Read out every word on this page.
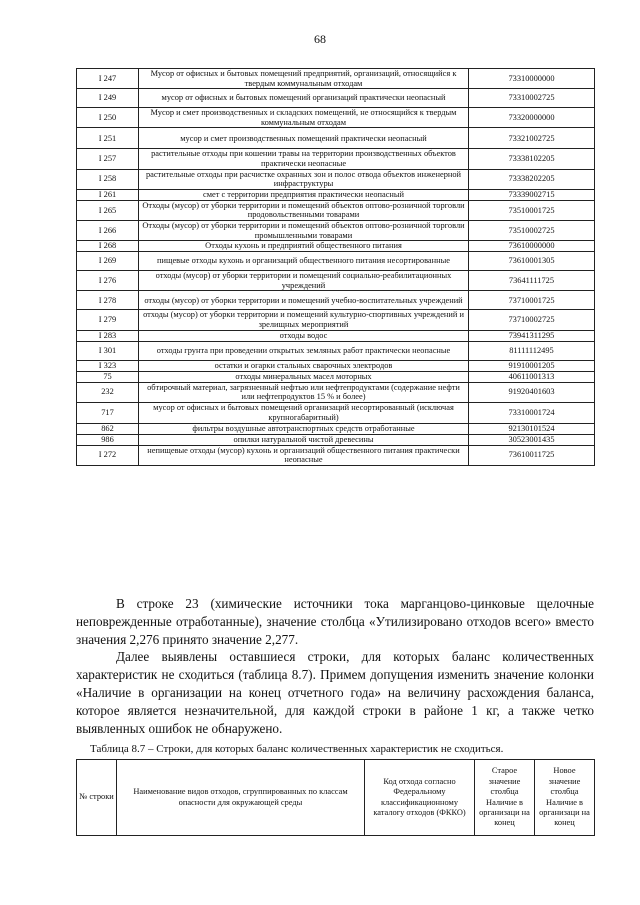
68
I 247	Мусор от офисных и бытовых помещений предприятий, организаций, относящийся к твердым коммунальным отходам	73310000000
I 249	мусор от офисных и бытовых помещений организаций практически неопасный	73310002725
I 250	Мусор и смет производственных и складских помещений, не относящийся к твердым коммунальным отходам	73320000000
I 251	мусор и смет производственных помещений практически неопасный	73321002725
I 257	растительные отходы при кошении травы на территории производственных объектов практически неопасные	73338102205
I 258	растительные отходы при расчистке охранных зон и полос отвода объектов инженерной инфраструктуры	73338202205
I 261	смет с территории предприятия практически неопасный	73339002715
I 265	Отходы (мусор) от уборки территории и помещений объектов оптово-розничной торговли продовольственными товарами	73510001725
I 266	Отходы (мусор) от уборки территории и помещений объектов оптово-розничной торговли промышленными товарами	73510002725
I 268	Отходы кухонь и предприятий общественного питания	73610000000
I 269	пищевые отходы кухонь и организаций общественного питания несортированные	73610001305
I 276	отходы (мусор) от уборки территории и помещений социально-реабилитационных учреждений	73641111725
I 278	отходы (мусор) от уборки территории и помещений учебно-воспитательных учреждений	73710001725
I 279	отходы (мусор) от уборки территории и помещений культурно-спортивных учреждений и зрелищных мероприятий	73710002725
I 283	отходы водос	73941311295
I 301	отходы грунта при проведении открытых земляных работ практически неопасные	81111112495
I 323	остатки и огарки стальных сварочных электродов	91910001205
75	отходы минеральных масел моторных	40611001313
232	обтирочный материал, загрязненный нефтью или нефтепродуктами (содержание нефти или нефтепродуктов 15 % и более)	91920401603
717	мусор от офисных и бытовых помещений организаций несортированный (исключая крупногабаритный)	73310001724
862	фильтры воздушные автотранспортных средств отработанные	92130101524
986	опилки натуральной чистой древесины	30523001435
I 272	непищевые отходы (мусор) кухонь и организаций общественного питания практически неопасные	73610011725

В строке 23 (химические источники тока марганцово-цинковые щелочные неповрежденные отработанные), значение столбца «Утилизировано отходов всего» вместо значения 2,276 принято значение 2,277.

Далее выявлены оставшиеся строки, для которых баланс количественных характеристик не сходиться (таблица 8.7). Примем допущения изменить значение колонки «Наличие в организации на конец отчетного года» на величину расхождения баланса, которое является незначительной, для каждой строки в районе 1 кг, а также четко выявленных ошибок не обнаружено.

Таблица 8.7 – Строки, для которых баланс количественных характеристик не сходиться.
№ строки	Наименование видов отходов, сгруппированных по классам опасности для окружающей среды	Код отхода согласно Федеральному классификационному каталогу отходов (ФККО)	Старое значение столбца Наличие в организаци на конец	Новое значение столбца Наличие в организаци на конец
